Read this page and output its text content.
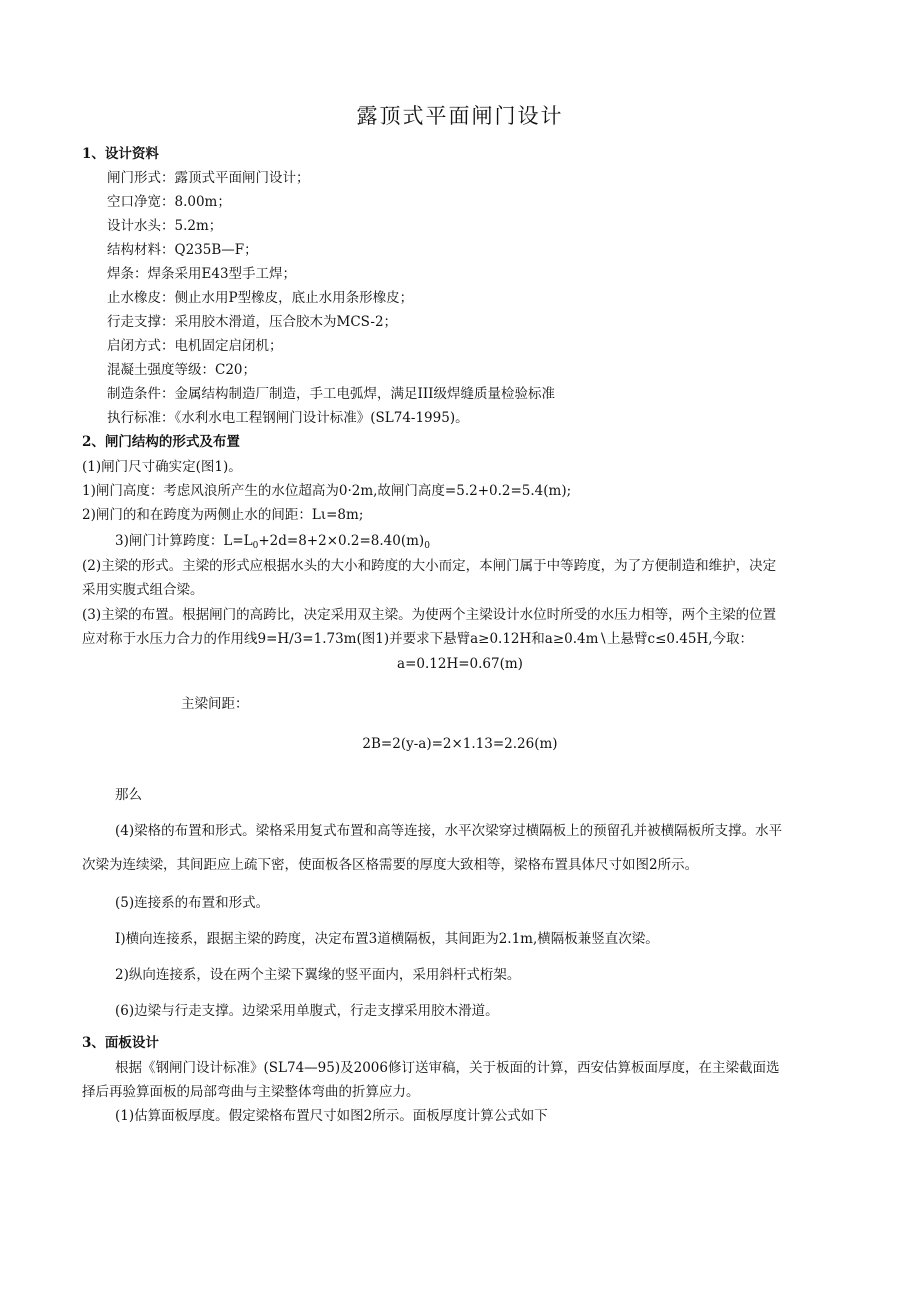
露顶式平面闸门设计
1、设计资料
闸门形式：露顶式平面闸门设计；
空口净宽：8.00m；
设计水头：5.2m；
结构材料：Q235B—F；
焊条：焊条采用E43型手工焊；
止水橡皮：侧止水用P型橡皮，底止水用条形橡皮；
行走支撑：采用胶木滑道，压合胶木为MCS-2；
启闭方式：电机固定启闭机；
混凝土强度等级：C20；
制造条件：金属结构制造厂制造，手工电弧焊，满足III级焊缝质量检验标准
执行标准：《水利水电工程钢闸门设计标准》(SL74-1995)。
2、闸门结构的形式及布置
(1)闸门尺寸确实定(图1)。
1)闸门高度：考虑风浪所产生的水位超高为0·2m,故闸门高度=5.2+0.2=5.4(m);
2)闸门的和在跨度为两侧止水的间距：Lι=8m;
3)闸门计算跨度：$L=L_0+2d=8+2\times 0.2=8.40(m)_0$
(2)主梁的形式。主梁的形式应根据水头的大小和跨度的大小而定，本闸门属于中等跨度，为了方便制造和维护，决定
采用实腹式组合梁。
(3)主梁的布置。根据闸门的高跨比，决定采用双主梁。为使两个主梁设计水位时所受的水压力相等，两个主梁的位置
应对称于水压力合力的作用线9=H∕3=1.73m(图1)并要求下悬臂a≥0.12H和a≥0.4m∖上悬臂c≤0.45H,今取：
a=0.12H=0.67(m)
主梁间距：
2B=2(y-a)=2×1.13=2.26(m)
那么
(4)梁格的布置和形式。梁格采用复式布置和高等连接，水平次梁穿过横隔板上的预留孔并被横隔板所支撑。水平
次梁为连续梁，其间距应上疏下密，使面板各区格需要的厚度大致相等，梁格布置具体尺寸如图2所示。
(5)连接系的布置和形式。
I)横向连接系，跟据主梁的跨度，决定布置3道横隔板，其间距为2.1m,横隔板兼竖直次梁。
2)纵向连接系，设在两个主梁下翼缘的竖平面内，采用斜杆式桁架。
(6)边梁与行走支撑。边梁采用单腹式，行走支撑采用胶木滑道。
3、面板设计
根据《钢闸门设计标准》(SL74—95)及2006修订送审稿，关于板面的计算，西安估算板面厚度，在主梁截面选
择后再验算面板的局部弯曲与主梁整体弯曲的折算应力。
(1)估算面板厚度。假定梁格布置尺寸如图2所示。面板厚度计算公式如下
